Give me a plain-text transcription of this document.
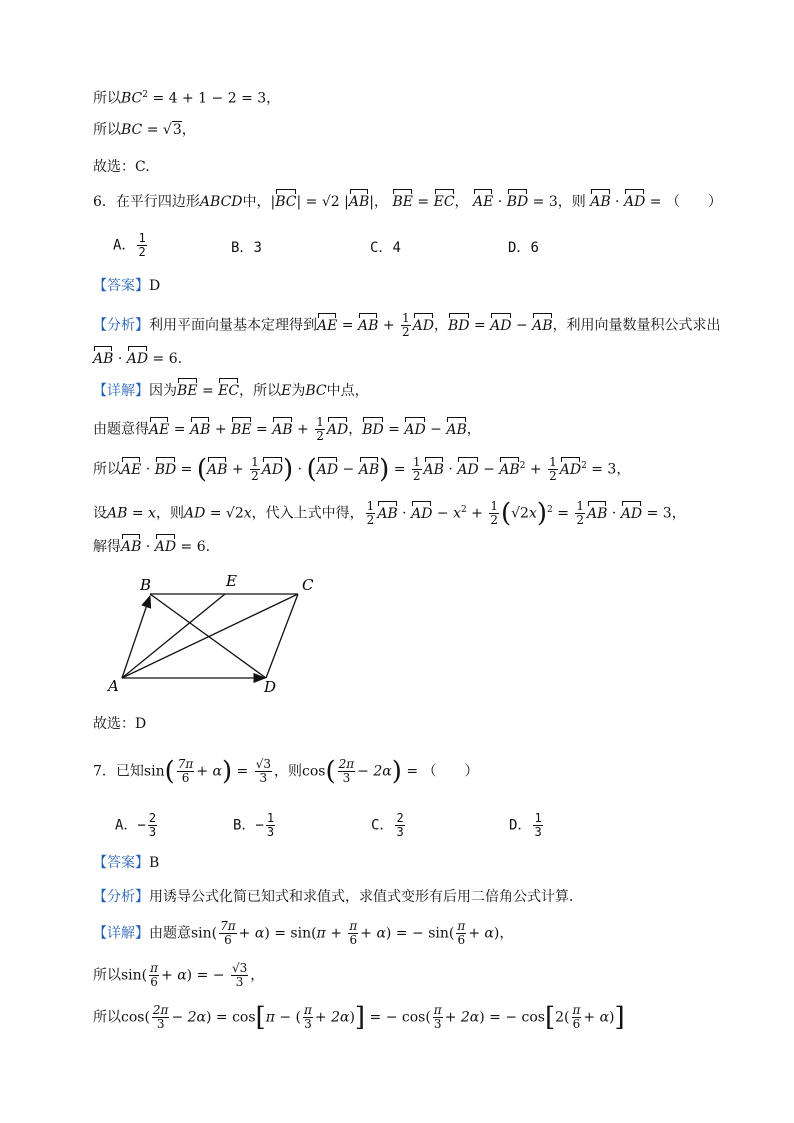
所以$BC^2 = 4 + 1 - 2 = 3$，
所以BC = √3，
故选：C.
6．在平行四边形ABCD中，|BC| = √2 |AB|， BE = EC， AE · BD = 3，则 AB · AD = （　　）
A． $\frac{1}{2}$	B．3	C．4	D．6
【答案】D
【分析】利用平面向量基本定理得到AE = AB + $\frac{1}{2}$ AD，BD = AD − AB，利用向量数量积公式求出
AB · AD = 6.
【详解】因为BE = EC，所以E为BC中点，
由题意得AE = AB + BE = AB + $\frac{1}{2}$ AD，BD = AD − AB，
所以AE · BD = $(AB + \frac{1}{2} AD) \cdot (AD - AB) = \frac{1}{2}$ AB · AD − $AB^2 + \frac{1}{2} AD^2 = 3$，
设AB = x，则AD = √2x，代入上式中得， $\frac{1}{2}$ AB · AD − $x^2 + \frac{1}{2} (√2x)^2 = \frac{1}{2}$ AB · AD = 3，
解得AB · AD = 6.
A
B	E	C
D
故选：D
7．已知$\sin( \frac{7\pi}{6} + \alpha) = \frac{√3}{3}$ ，则$\cos( \frac{2\pi}{3} - 2\alpha)$ = （　　）
A．− $\frac{2}{3}$	B．− $\frac{1}{3}$	C． $\frac{2}{3}$	D． $\frac{1}{3}$
【答案】B
【分析】用诱导公式化简已知式和求值式，求值式变形有后用二倍角公式计算．
【详解】由题意$\sin( \frac{7\pi}{6} + \alpha) = \sin(\pi + \frac{\pi}{6} + \alpha)$ = − $\sin( \frac{\pi}{6} + \alpha)$，
所以$\sin( \frac{\pi}{6} + \alpha)$ = − $\frac{√3}{3}$ ，
所以$\cos( \frac{2\pi}{3} - 2\alpha) = \cos[\pi$ − ( $\frac{\pi}{3} + 2\alpha$)] = − $\cos( \frac{\pi}{3} + 2\alpha)$ = − $\cos[2( \frac{\pi}{6} + \alpha)]$
